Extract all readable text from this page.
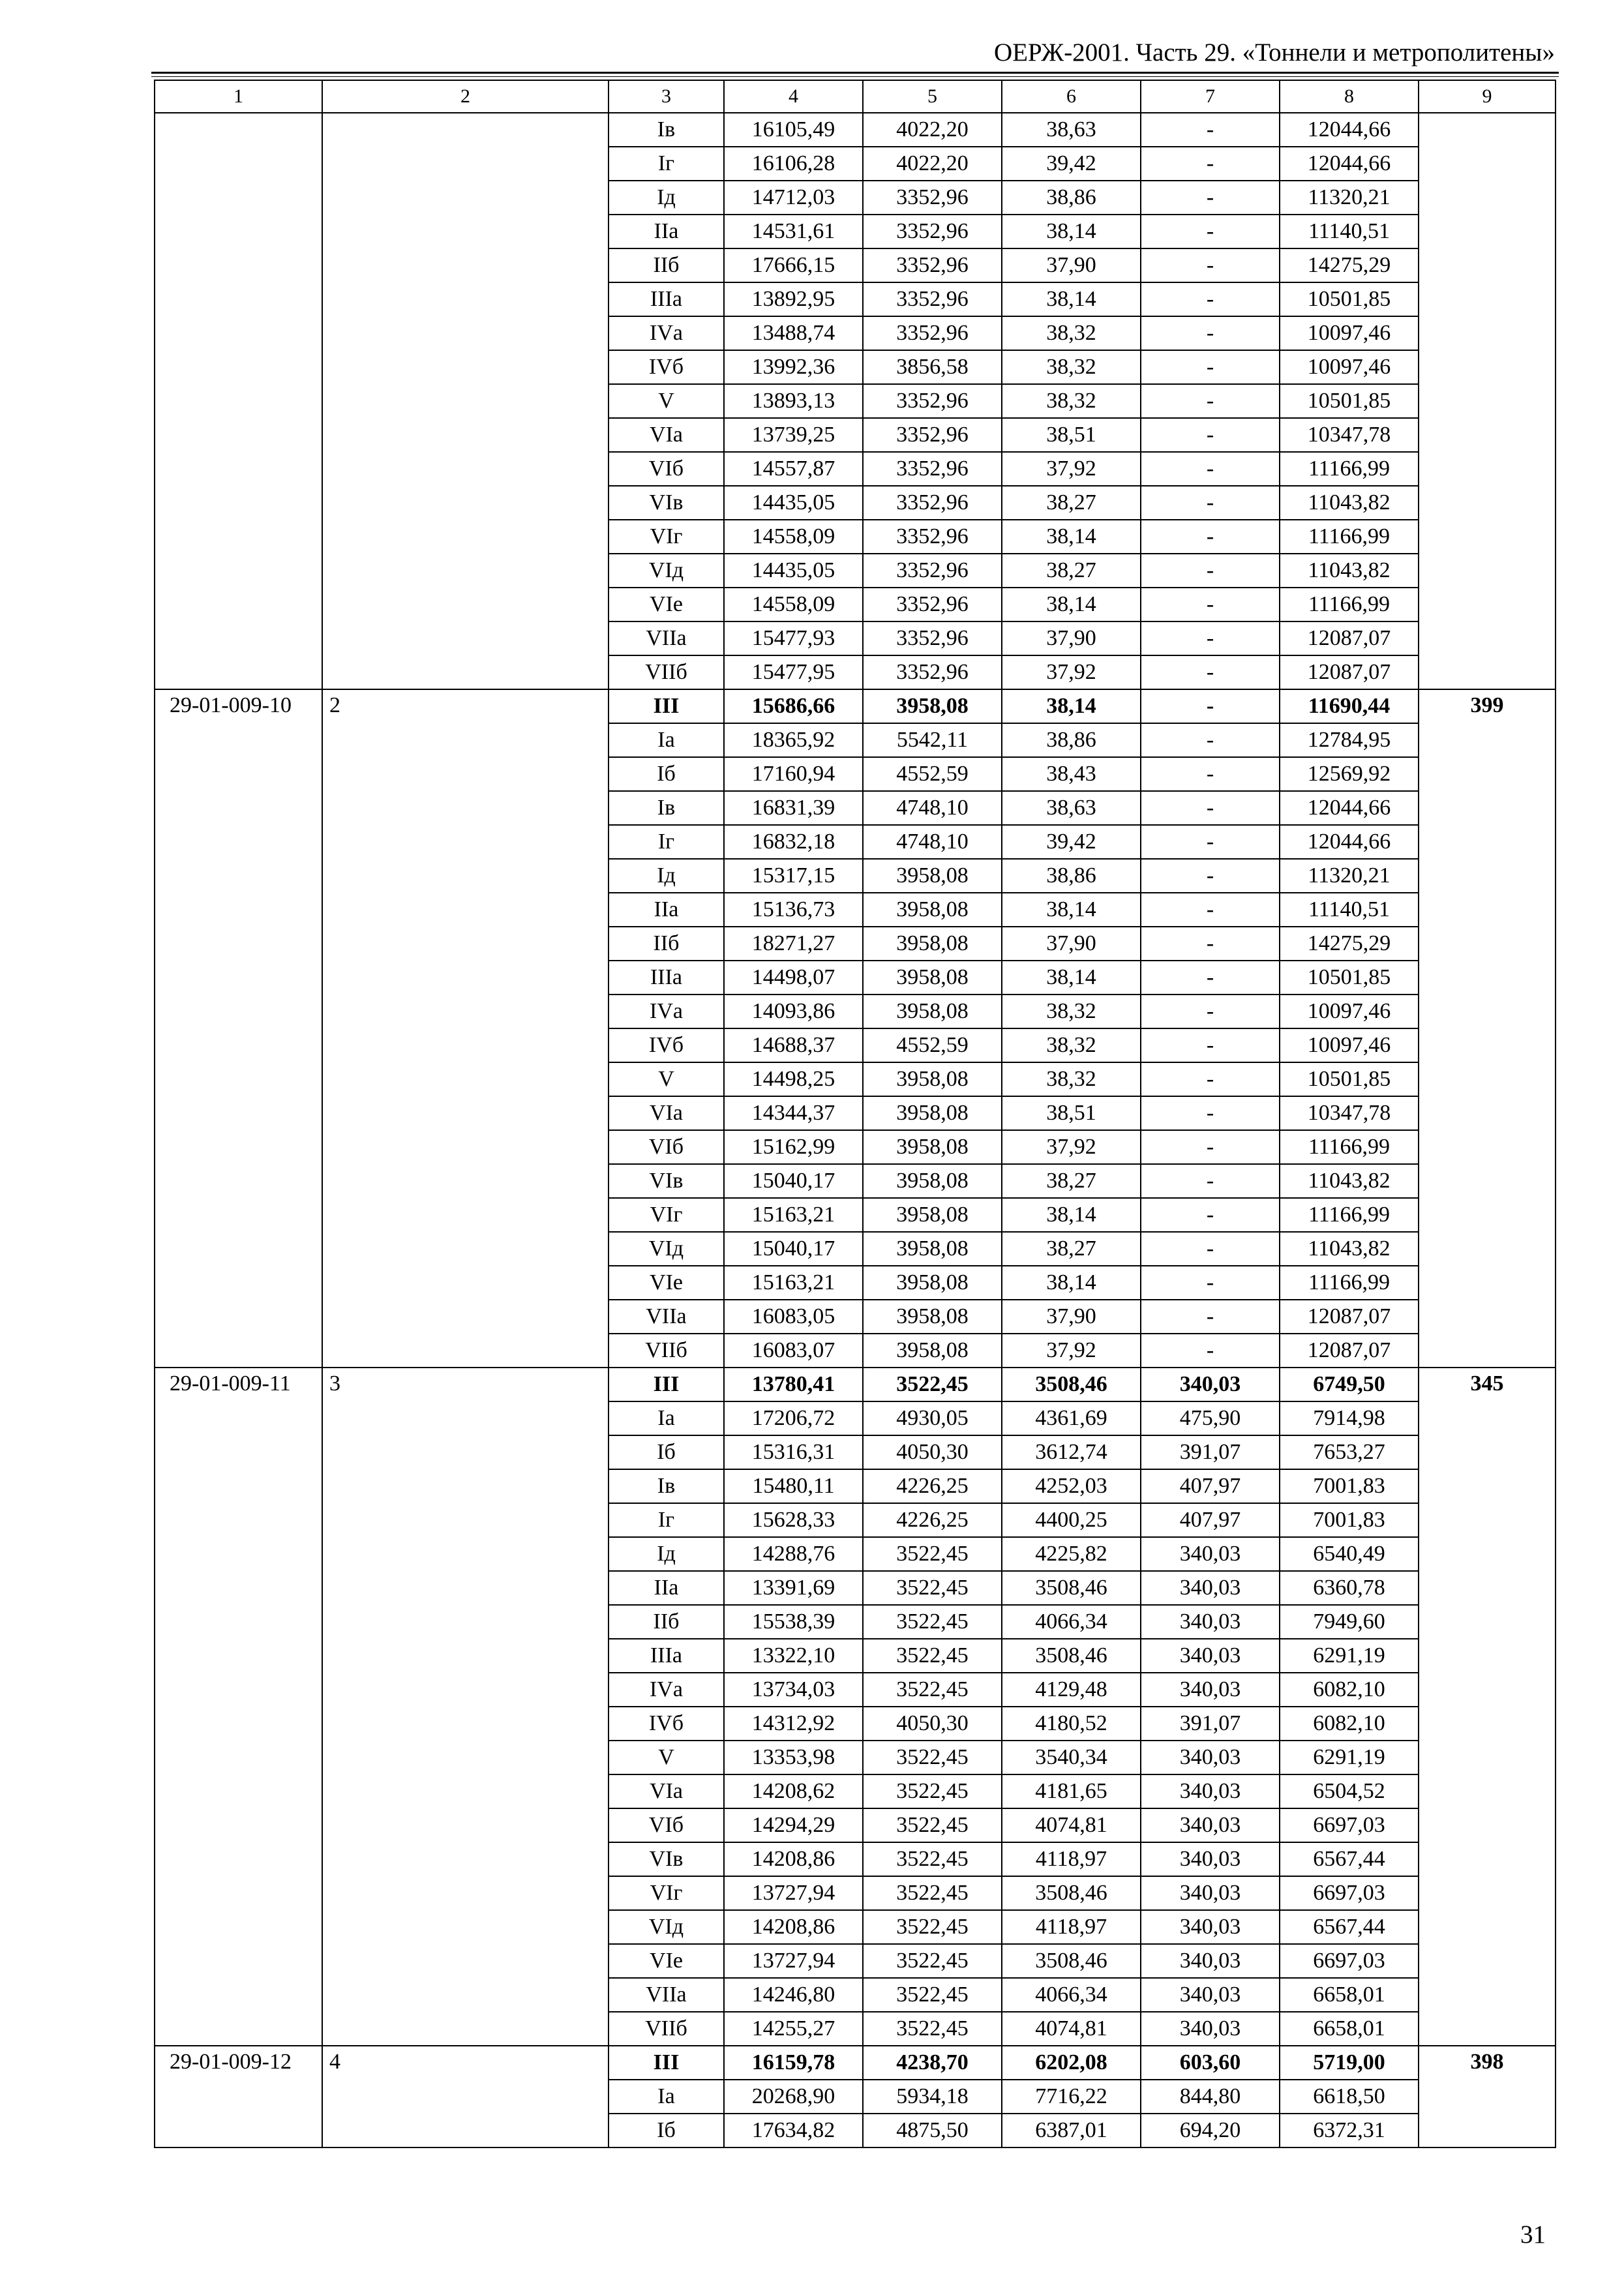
ОЕРЖ-2001. Часть 29. «Тоннели и метрополитены»
1	2	3	4	5	6	7	8	9
		Iв	16105,49	4022,20	38,63	-	12044,66	
		Iг	16106,28	4022,20	39,42	-	12044,66	
		Iд	14712,03	3352,96	38,86	-	11320,21	
		IIа	14531,61	3352,96	38,14	-	11140,51	
		IIб	17666,15	3352,96	37,90	-	14275,29	
		IIIа	13892,95	3352,96	38,14	-	10501,85	
		IVа	13488,74	3352,96	38,32	-	10097,46	
		IVб	13992,36	3856,58	38,32	-	10097,46	
		V	13893,13	3352,96	38,32	-	10501,85	
		VIа	13739,25	3352,96	38,51	-	10347,78	
		VIб	14557,87	3352,96	37,92	-	11166,99	
		VIв	14435,05	3352,96	38,27	-	11043,82	
		VIг	14558,09	3352,96	38,14	-	11166,99	
		VIд	14435,05	3352,96	38,27	-	11043,82	
		VIе	14558,09	3352,96	38,14	-	11166,99	
		VIIа	15477,93	3352,96	37,90	-	12087,07	
		VIIб	15477,95	3352,96	37,92	-	12087,07	
29-01-009-10	2	III	15686,66	3958,08	38,14	-	11690,44	399
		Iа	18365,92	5542,11	38,86	-	12784,95	
		Iб	17160,94	4552,59	38,43	-	12569,92	
		Iв	16831,39	4748,10	38,63	-	12044,66	
		Iг	16832,18	4748,10	39,42	-	12044,66	
		Iд	15317,15	3958,08	38,86	-	11320,21	
		IIа	15136,73	3958,08	38,14	-	11140,51	
		IIб	18271,27	3958,08	37,90	-	14275,29	
		IIIа	14498,07	3958,08	38,14	-	10501,85	
		IVа	14093,86	3958,08	38,32	-	10097,46	
		IVб	14688,37	4552,59	38,32	-	10097,46	
		V	14498,25	3958,08	38,32	-	10501,85	
		VIа	14344,37	3958,08	38,51	-	10347,78	
		VIб	15162,99	3958,08	37,92	-	11166,99	
		VIв	15040,17	3958,08	38,27	-	11043,82	
		VIг	15163,21	3958,08	38,14	-	11166,99	
		VIд	15040,17	3958,08	38,27	-	11043,82	
		VIе	15163,21	3958,08	38,14	-	11166,99	
		VIIа	16083,05	3958,08	37,90	-	12087,07	
		VIIб	16083,07	3958,08	37,92	-	12087,07	
29-01-009-11	3	III	13780,41	3522,45	3508,46	340,03	6749,50	345
		Iа	17206,72	4930,05	4361,69	475,90	7914,98	
		Iб	15316,31	4050,30	3612,74	391,07	7653,27	
		Iв	15480,11	4226,25	4252,03	407,97	7001,83	
		Iг	15628,33	4226,25	4400,25	407,97	7001,83	
		Iд	14288,76	3522,45	4225,82	340,03	6540,49	
		IIа	13391,69	3522,45	3508,46	340,03	6360,78	
		IIб	15538,39	3522,45	4066,34	340,03	7949,60	
		IIIа	13322,10	3522,45	3508,46	340,03	6291,19	
		IVа	13734,03	3522,45	4129,48	340,03	6082,10	
		IVб	14312,92	4050,30	4180,52	391,07	6082,10	
		V	13353,98	3522,45	3540,34	340,03	6291,19	
		VIа	14208,62	3522,45	4181,65	340,03	6504,52	
		VIб	14294,29	3522,45	4074,81	340,03	6697,03	
		VIв	14208,86	3522,45	4118,97	340,03	6567,44	
		VIг	13727,94	3522,45	3508,46	340,03	6697,03	
		VIд	14208,86	3522,45	4118,97	340,03	6567,44	
		VIе	13727,94	3522,45	3508,46	340,03	6697,03	
		VIIа	14246,80	3522,45	4066,34	340,03	6658,01	
		VIIб	14255,27	3522,45	4074,81	340,03	6658,01	
29-01-009-12	4	III	16159,78	4238,70	6202,08	603,60	5719,00	398
		Iа	20268,90	5934,18	7716,22	844,80	6618,50	
		Iб	17634,82	4875,50	6387,01	694,20	6372,31	
31
